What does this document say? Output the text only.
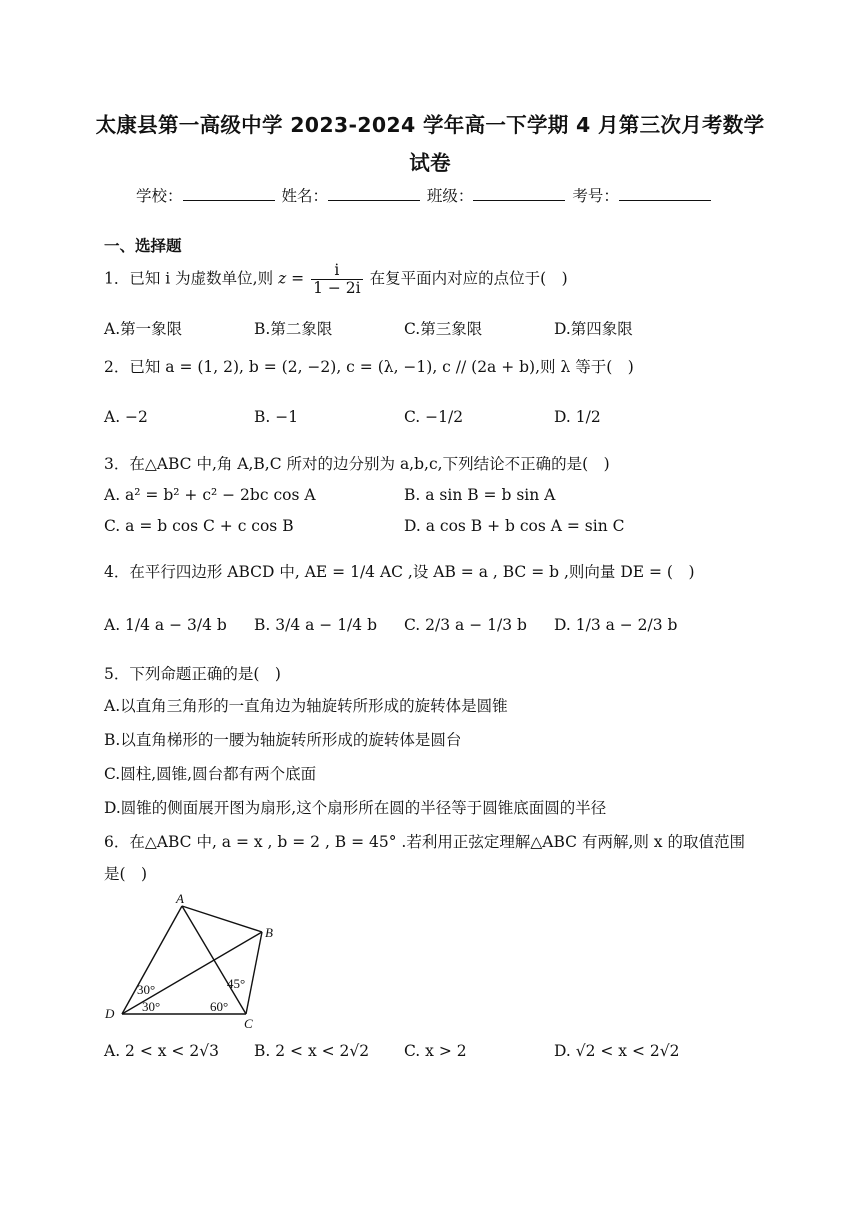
太康县第一高级中学 2023-2024 学年高一下学期 4 月第三次月考数学
试卷
学校：	姓名：	班级：	考号：
一、选择题
1．已知 i 为虚数单位,则 $z = \frac{i}{1 - 2i}$ 在复平面内对应的点位于(　)
A.第一象限	B.第二象限	C.第三象限	D.第四象限
2．已知 a = (1, 2), b = (2, −2), c = (λ, −1), c // (2a + b),则 λ 等于(　)
A. −2	B. −1	C. −1/2	D. 1/2
3．在△ABC 中,角 A,B,C 所对的边分别为 a,b,c,下列结论不正确的是(　)
A. a² = b² + c² − 2bc cos A	B. a sin B = b sin A
C. a = b cos C + c cos B	D. a cos B + b cos A = sin C
4．在平行四边形 ABCD 中, AE = 1/4 AC ,设 AB = a , BC = b ,则向量 DE = (　)
A. 1/4 a − 3/4 b B. 3/4 a − 1/4 b C. 2/3 a − 1/3 b D. 1/3 a − 2/3 b
5．下列命题正确的是(　)
A.以直角三角形的一直角边为轴旋转所形成的旋转体是圆锥
B.以直角梯形的一腰为轴旋转所形成的旋转体是圆台
C.圆柱,圆锥,圆台都有两个底面
D.圆锥的侧面展开图为扇形,这个扇形所在圆的半径等于圆锥底面圆的半径
6．在△ABC 中, a = x , b = 2 , B = 45° .若利用正弦定理解△ABC 有两解,则 x 的取值范围
是(　)
A
B
C
D
30°
30°
45°
60°
A. 2 < x < 2√3 B. 2 < x < 2√2 C. x > 2	D. √2 < x < 2√2
